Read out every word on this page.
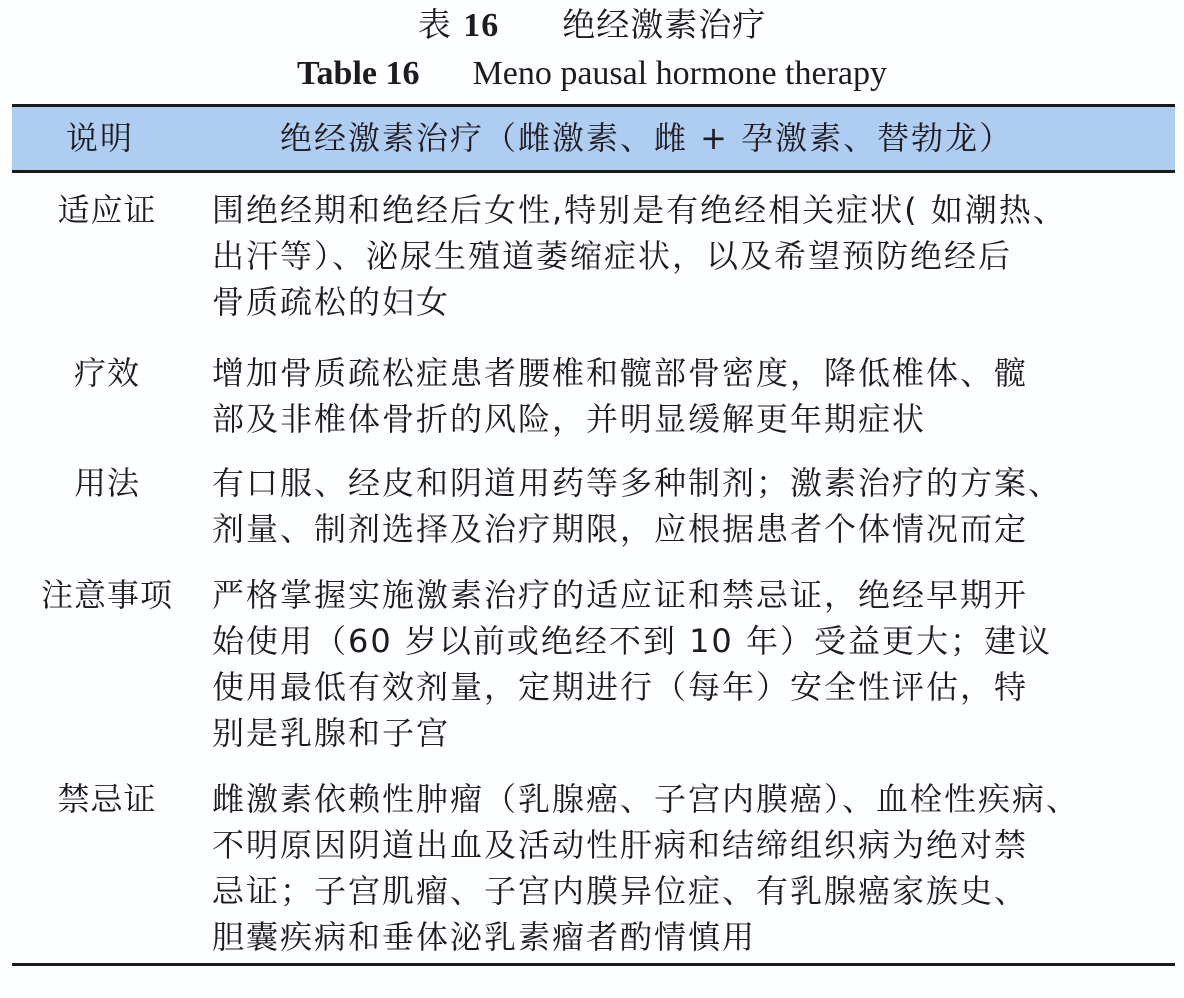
表 16 绝经激素治疗
Table 16 Meno pausal hormone therapy
说明	绝经激素治疗（雌激素、雌 + 孕激素、替勃龙）
适应证	围绝经期和绝经后女性,特别是有绝经相关症状( 如潮热、
出汗等）、泌尿生殖道萎缩症状，以及希望预防绝经后
骨质疏松的妇女
疗效	增加骨质疏松症患者腰椎和髋部骨密度，降低椎体、髋
部及非椎体骨折的风险，并明显缓解更年期症状
用法	有口服、经皮和阴道用药等多种制剂；激素治疗的方案、
剂量、制剂选择及治疗期限，应根据患者个体情况而定
注意事项	严格掌握实施激素治疗的适应证和禁忌证，绝经早期开
始使用（60 岁以前或绝经不到 10 年）受益更大；建议
使用最低有效剂量，定期进行（每年）安全性评估，特
别是乳腺和子宫
禁忌证	雌激素依赖性肿瘤（乳腺癌、子宫内膜癌）、血栓性疾病、
不明原因阴道出血及活动性肝病和结缔组织病为绝对禁
忌证；子宫肌瘤、子宫内膜异位症、有乳腺癌家族史、
胆囊疾病和垂体泌乳素瘤者酌情慎用
